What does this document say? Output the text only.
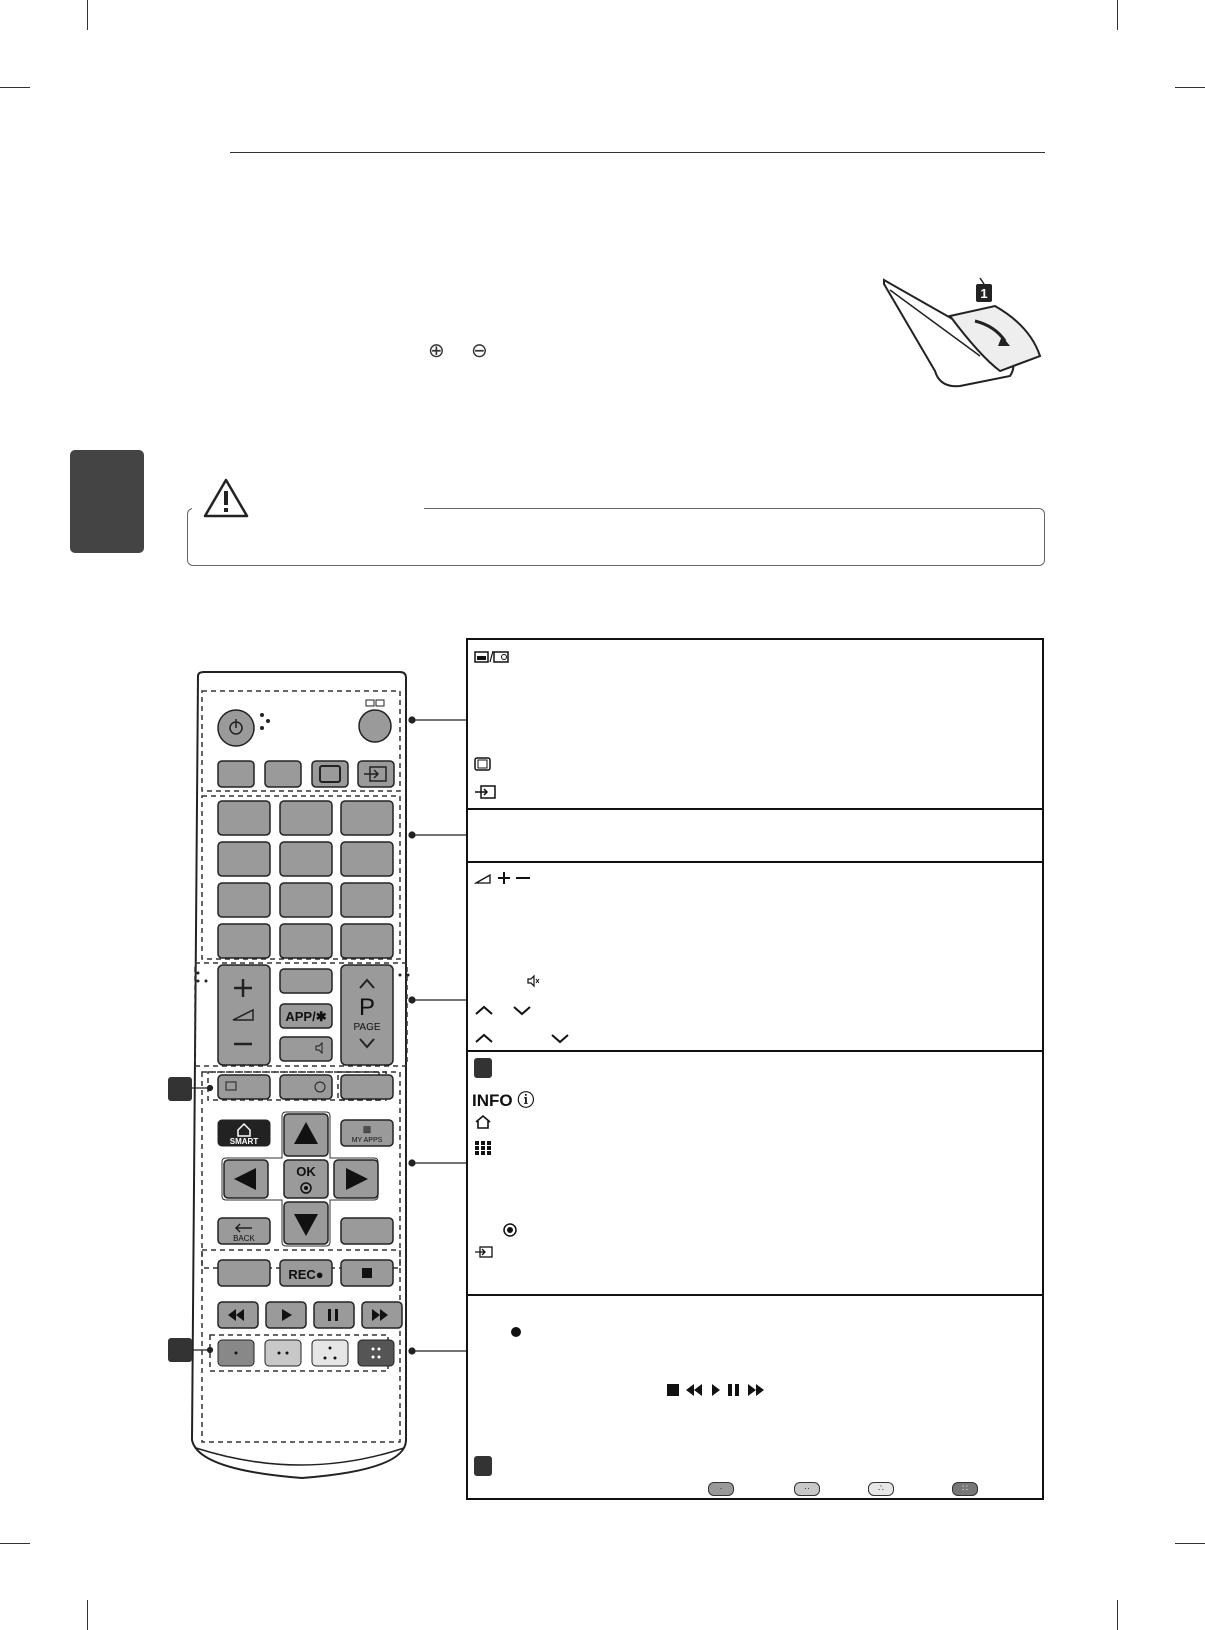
⊕ ⊖
1
APP/✱ P
PAGE
SMART
▩
MY APPS
OK
BACK
REC●
INFO ⓘ
·	··	∴	∷
